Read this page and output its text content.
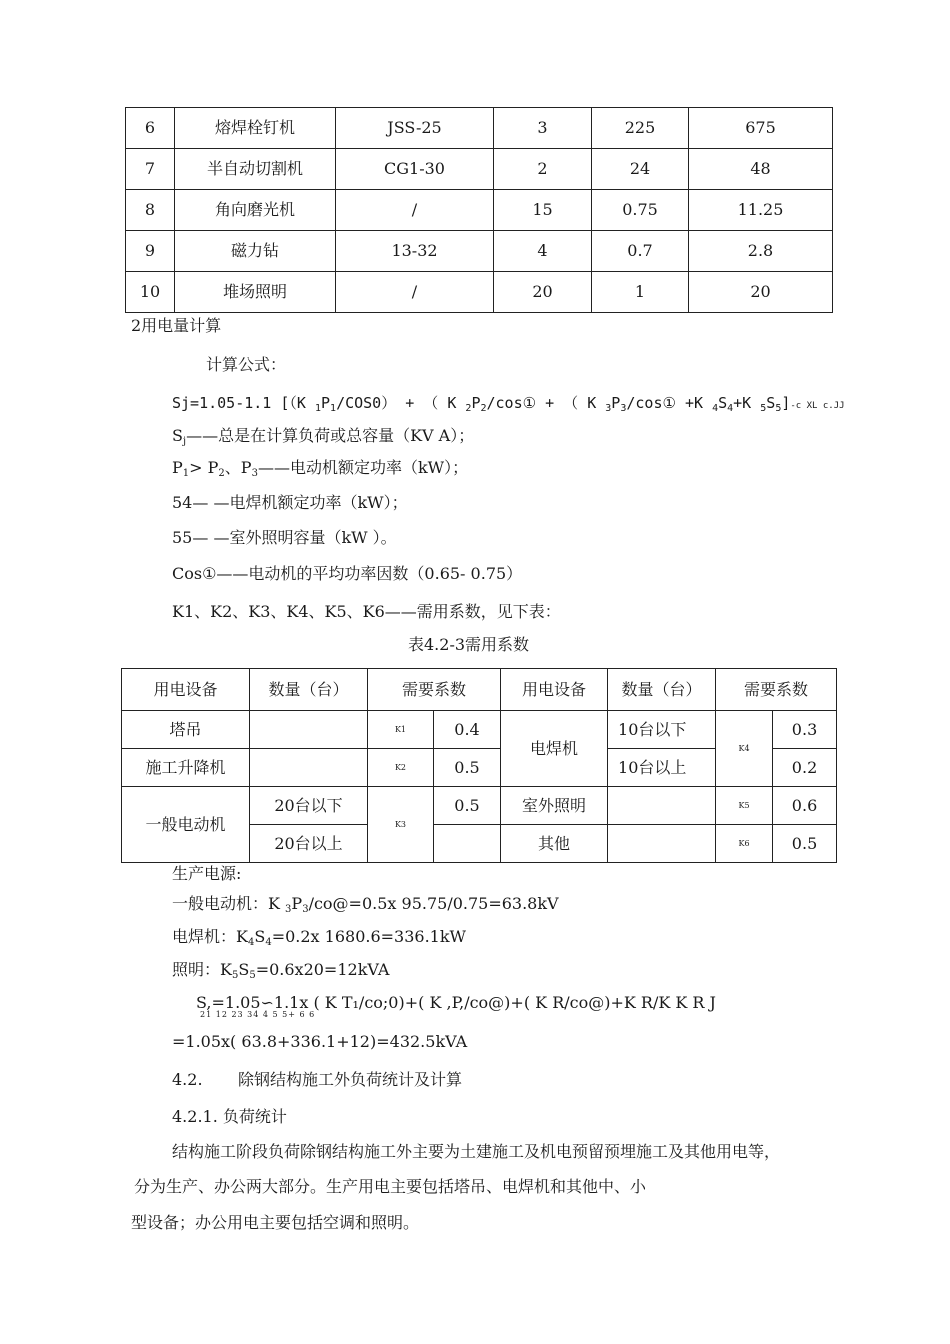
6	熔焊栓钉机	JSS-25	3	225	675
7	半自动切割机	CG1-30	2	24	48
8	角向磨光机	/	15	0.75	11.25
9	磁力钻	13-32	4	0.7	2.8
10	堆场照明	/	20	1	20
2用电量计算
计算公式：
Sj=1.05-1.1 [（K $_1P_1/COS0$） + （ K $_2P_2$/cos① + （ K $_3P_3$/cos① +K $_4S_4+K$ $_5S_5]-c$ XL c.JJ
$S_j——$总是在计算负荷或总容量（KV A）；
$P_1> P_2$、$P_3——$电动机额定功率（kW）；
54— —电焊机额定功率（kW）；
55— —室外照明容量（kW ）。
Cos①——电动机的平均功率因数（0.65- 0.75）
K1、K2、K3、K4、K5、K6——需用系数，见下表：
表4.2-3需用系数
用电设备	数量（台）	需要系数		用电设备	数量（台）	需要系数	
塔吊		K1	0.4	电焊机	10台以下	K4	0.3
施工升降机		K2	0.5		10台以上		0.2
一般电动机	20台以下	K3	0.5	室外照明		K5	0.6
	20台以上			其他		K6	0.5
生产电源:
一般电动机：K $_3P_3/co@=0.5x$ 95.75/0.75=63.8kV
电焊机：$K_4S_4=0.2x$ 1680.6=336.1kW
照明：$K_5S_5=0.6x20=12kVA$
S,=1.05∽1.1x ( K T₁/co;0)+( K ,P,/co@)+( K R/co@)+K R/K K R J
21 12 23 34 4 5 5+ 6 6
=1.05x( 63.8+336.1+12)=432.5kVA
4.2. 除钢结构施工外负荷统计及计算
4.2.1. 负荷统计
结构施工阶段负荷除钢结构施工外主要为土建施工及机电预留预埋施工及其他用电等，
分为生产、办公两大部分。生产用电主要包括塔吊、电焊机和其他中、小
型设备；办公用电主要包括空调和照明。
